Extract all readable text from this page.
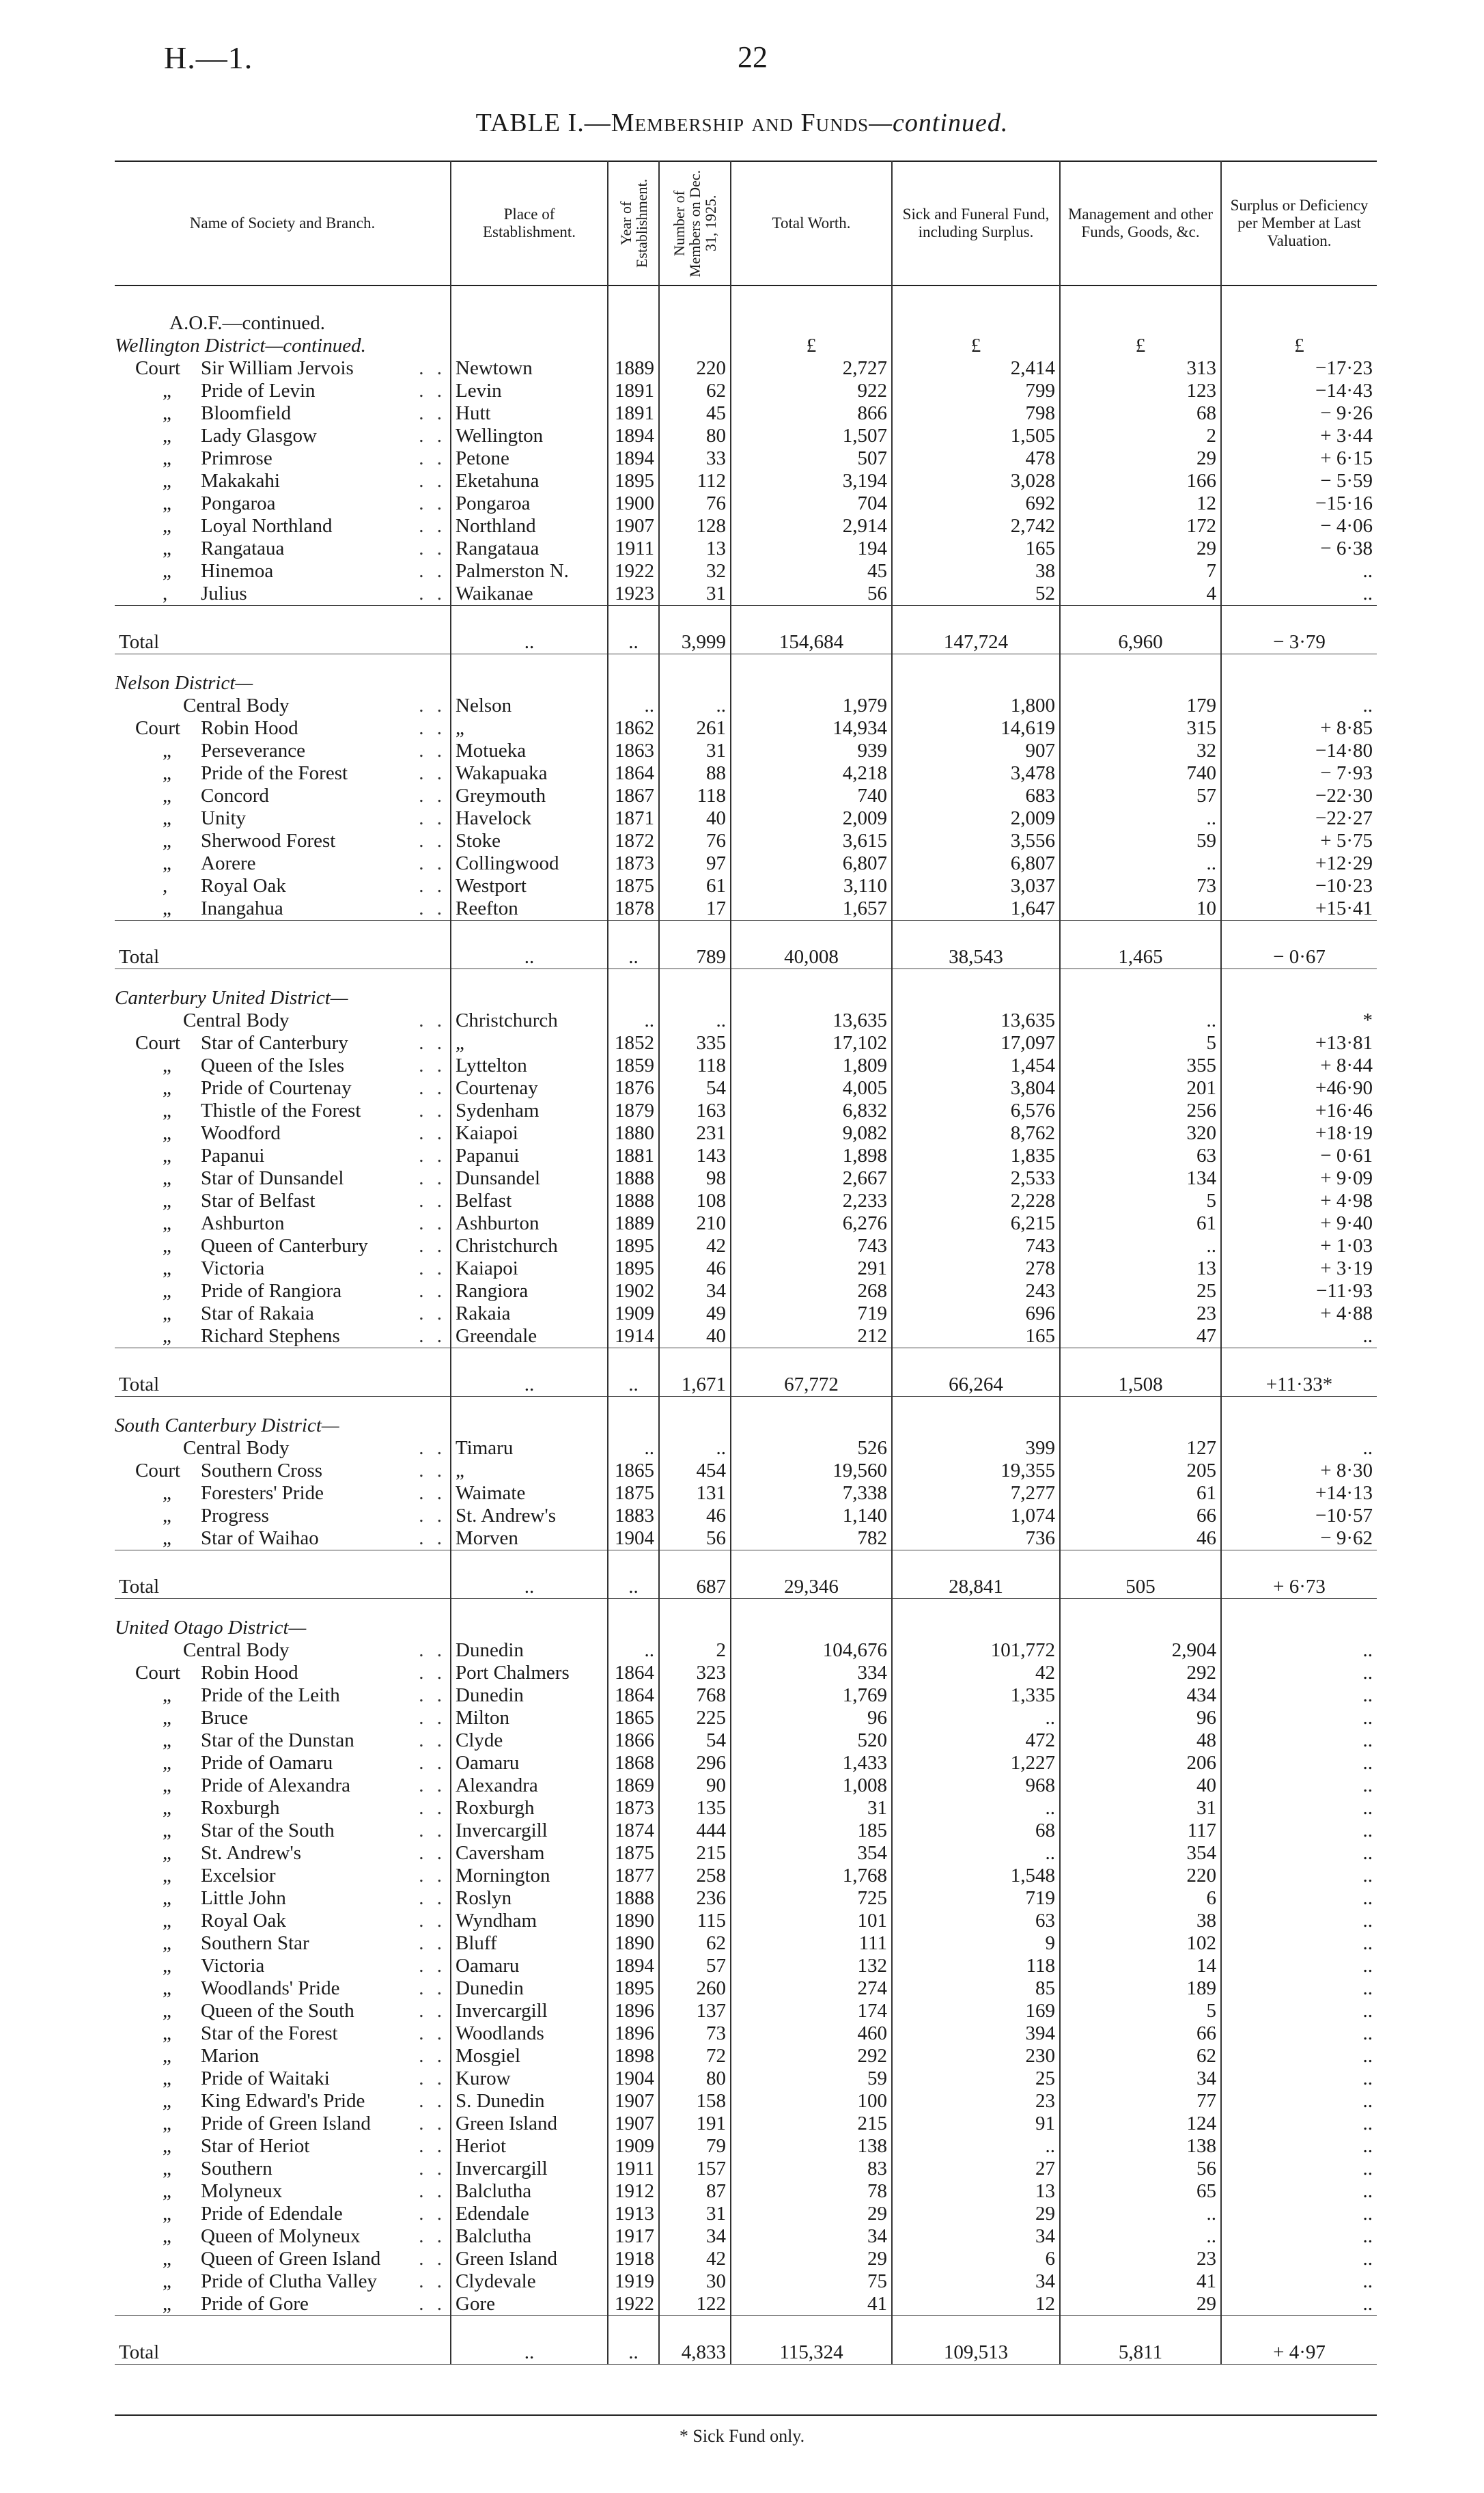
H.—1.	22
TABLE I.—Membership and Funds—continued.
Name of Society and Branch.	Place of Establishment.	Year of Establishment.	Number of Members on Dec. 31, 1925.	Total Worth.	Sick and Funeral Fund, including Surplus.	Management and other Funds, Goods, &c.	Surplus or Deficiency per Member at Last Valuation.

A.O.F.—continued.							
Wellington District—continued.				£	£	£	£
Court Sir William Jervois . .	Newtown	1889	220	2,727	2,414	313	−17·23
„ Pride of Levin . .	Levin	1891	62	922	799	123	−14·43
„ Bloomfield . .	Hutt	1891	45	866	798	68	− 9·26
„ Lady Glasgow . .	Wellington	1894	80	1,507	1,505	2	+ 3·44
„ Primrose . .	Petone	1894	33	507	478	29	+ 6·15
„ Makakahi . .	Eketahuna	1895	112	3,194	3,028	166	− 5·59
„ Pongaroa . .	Pongaroa	1900	76	704	692	12	−15·16
„ Loyal Northland . .	Northland	1907	128	2,914	2,742	172	− 4·06
„ Rangataua . .	Rangataua	1911	13	194	165	29	− 6·38
„ Hinemoa . .	Palmerston N.	1922	32	45	38	7	..
, Julius . .	Waikanae	1923	31	56	52	4	..
Total	..	..	3,999	154,684	147,724	6,960	− 3·79

Nelson District—							
Central Body . .	Nelson	..	..	1,979	1,800	179	..
Court Robin Hood . .	„	1862	261	14,934	14,619	315	+ 8·85
„ Perseverance . .	Motueka	1863	31	939	907	32	−14·80
„ Pride of the Forest . .	Wakapuaka	1864	88	4,218	3,478	740	− 7·93
„ Concord . .	Greymouth	1867	118	740	683	57	−22·30
„ Unity . .	Havelock	1871	40	2,009	2,009	..	−22·27
„ Sherwood Forest . .	Stoke	1872	76	3,615	3,556	59	+ 5·75
„ Aorere . .	Collingwood	1873	97	6,807	6,807	..	+12·29
, Royal Oak . .	Westport	1875	61	3,110	3,037	73	−10·23
„ Inangahua . .	Reefton	1878	17	1,657	1,647	10	+15·41
Total	..	..	789	40,008	38,543	1,465	− 0·67

Canterbury United District—							
Central Body . .	Christchurch	..	..	13,635	13,635	..	*
Court Star of Canterbury . .	„	1852	335	17,102	17,097	5	+13·81
„ Queen of the Isles . .	Lyttelton	1859	118	1,809	1,454	355	+ 8·44
„ Pride of Courtenay . .	Courtenay	1876	54	4,005	3,804	201	+46·90
„ Thistle of the Forest . .	Sydenham	1879	163	6,832	6,576	256	+16·46
„ Woodford . .	Kaiapoi	1880	231	9,082	8,762	320	+18·19
„ Papanui . .	Papanui	1881	143	1,898	1,835	63	− 0·61
„ Star of Dunsandel . .	Dunsandel	1888	98	2,667	2,533	134	+ 9·09
„ Star of Belfast . .	Belfast	1888	108	2,233	2,228	5	+ 4·98
„ Ashburton . .	Ashburton	1889	210	6,276	6,215	61	+ 9·40
„ Queen of Canterbury . .	Christchurch	1895	42	743	743	..	+ 1·03
„ Victoria . .	Kaiapoi	1895	46	291	278	13	+ 3·19
„ Pride of Rangiora . .	Rangiora	1902	34	268	243	25	−11·93
„ Star of Rakaia . .	Rakaia	1909	49	719	696	23	+ 4·88
„ Richard Stephens . .	Greendale	1914	40	212	165	47	..
Total	..	..	1,671	67,772	66,264	1,508	+11·33*

South Canterbury District—							
Central Body . .	Timaru	..	..	526	399	127	..
Court Southern Cross . .	„	1865	454	19,560	19,355	205	+ 8·30
„ Foresters' Pride . .	Waimate	1875	131	7,338	7,277	61	+14·13
„ Progress . .	St. Andrew's	1883	46	1,140	1,074	66	−10·57
„ Star of Waihao . .	Morven	1904	56	782	736	46	− 9·62
Total	..	..	687	29,346	28,841	505	+ 6·73

United Otago District—							
Central Body . .	Dunedin	..	2	104,676	101,772	2,904	..
Court Robin Hood . .	Port Chalmers	1864	323	334	42	292	..
„ Pride of the Leith . .	Dunedin	1864	768	1,769	1,335	434	..
„ Bruce . .	Milton	1865	225	96	..	96	..
„ Star of the Dunstan . .	Clyde	1866	54	520	472	48	..
„ Pride of Oamaru . .	Oamaru	1868	296	1,433	1,227	206	..
„ Pride of Alexandra . .	Alexandra	1869	90	1,008	968	40	..
„ Roxburgh . .	Roxburgh	1873	135	31	..	31	..
„ Star of the South . .	Invercargill	1874	444	185	68	117	..
„ St. Andrew's . .	Caversham	1875	215	354	..	354	..
„ Excelsior . .	Mornington	1877	258	1,768	1,548	220	..
„ Little John . .	Roslyn	1888	236	725	719	6	..
„ Royal Oak . .	Wyndham	1890	115	101	63	38	..
„ Southern Star . .	Bluff	1890	62	111	9	102	..
„ Victoria . .	Oamaru	1894	57	132	118	14	..
„ Woodlands' Pride . .	Dunedin	1895	260	274	85	189	..
„ Queen of the South . .	Invercargill	1896	137	174	169	5	..
„ Star of the Forest . .	Woodlands	1896	73	460	394	66	..
„ Marion . .	Mosgiel	1898	72	292	230	62	..
„ Pride of Waitaki . .	Kurow	1904	80	59	25	34	..
„ King Edward's Pride . .	S. Dunedin	1907	158	100	23	77	..
„ Pride of Green Island . .	Green Island	1907	191	215	91	124	..
„ Star of Heriot . .	Heriot	1909	79	138	..	138	..
„ Southern . .	Invercargill	1911	157	83	27	56	..
„ Molyneux . .	Balclutha	1912	87	78	13	65	..
„ Pride of Edendale . .	Edendale	1913	31	29	29	..	..
„ Queen of Molyneux . .	Balclutha	1917	34	34	34	..	..
„ Queen of Green Island . .	Green Island	1918	42	29	6	23	..
„ Pride of Clutha Valley . .	Clydevale	1919	30	75	34	41	..
„ Pride of Gore . .	Gore	1922	122	41	12	29	..
Total	..	..	4,833	115,324	109,513	5,811	+ 4·97
* Sick Fund only.
